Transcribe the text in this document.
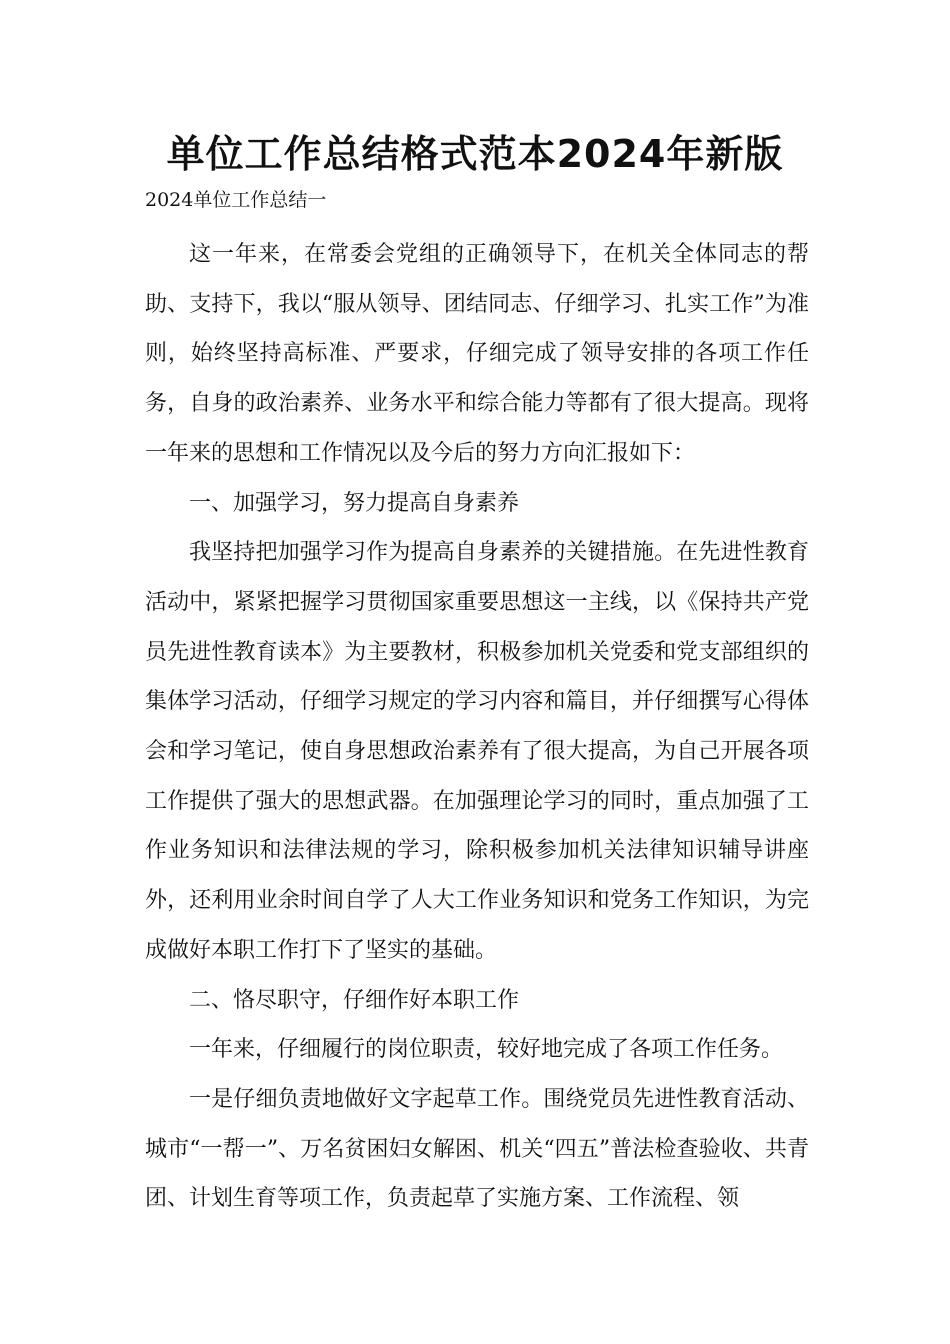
单位工作总结格式范本2024年新版
2024单位工作总结一

这一年来，在常委会党组的正确领导下，在机关全体同志的帮助、支持下，我以“服从领导、团结同志、仔细学习、扎实工作”为准则，始终坚持高标准、严要求，仔细完成了领导安排的各项工作任务，自身的政治素养、业务水平和综合能力等都有了很大提高。现将一年来的思想和工作情况以及今后的努力方向汇报如下：

一、加强学习，努力提高自身素养

我坚持把加强学习作为提高自身素养的关键措施。在先进性教育活动中，紧紧把握学习贯彻国家重要思想这一主线，以《保持共产党员先进性教育读本》为主要教材，积极参加机关党委和党支部组织的集体学习活动，仔细学习规定的学习内容和篇目，并仔细撰写心得体会和学习笔记，使自身思想政治素养有了很大提高，为自己开展各项工作提供了强大的思想武器。在加强理论学习的同时，重点加强了工作业务知识和法律法规的学习，除积极参加机关法律知识辅导讲座外，还利用业余时间自学了人大工作业务知识和党务工作知识，为完成做好本职工作打下了坚实的基础。

二、恪尽职守，仔细作好本职工作

一年来，仔细履行的岗位职责，较好地完成了各项工作任务。

一是仔细负责地做好文字起草工作。围绕党员先进性教育活动、城市“一帮一”、万名贫困妇女解困、机关“四五”普法检查验收、共青团、计划生育等项工作，负责起草了实施方案、工作流程、领
